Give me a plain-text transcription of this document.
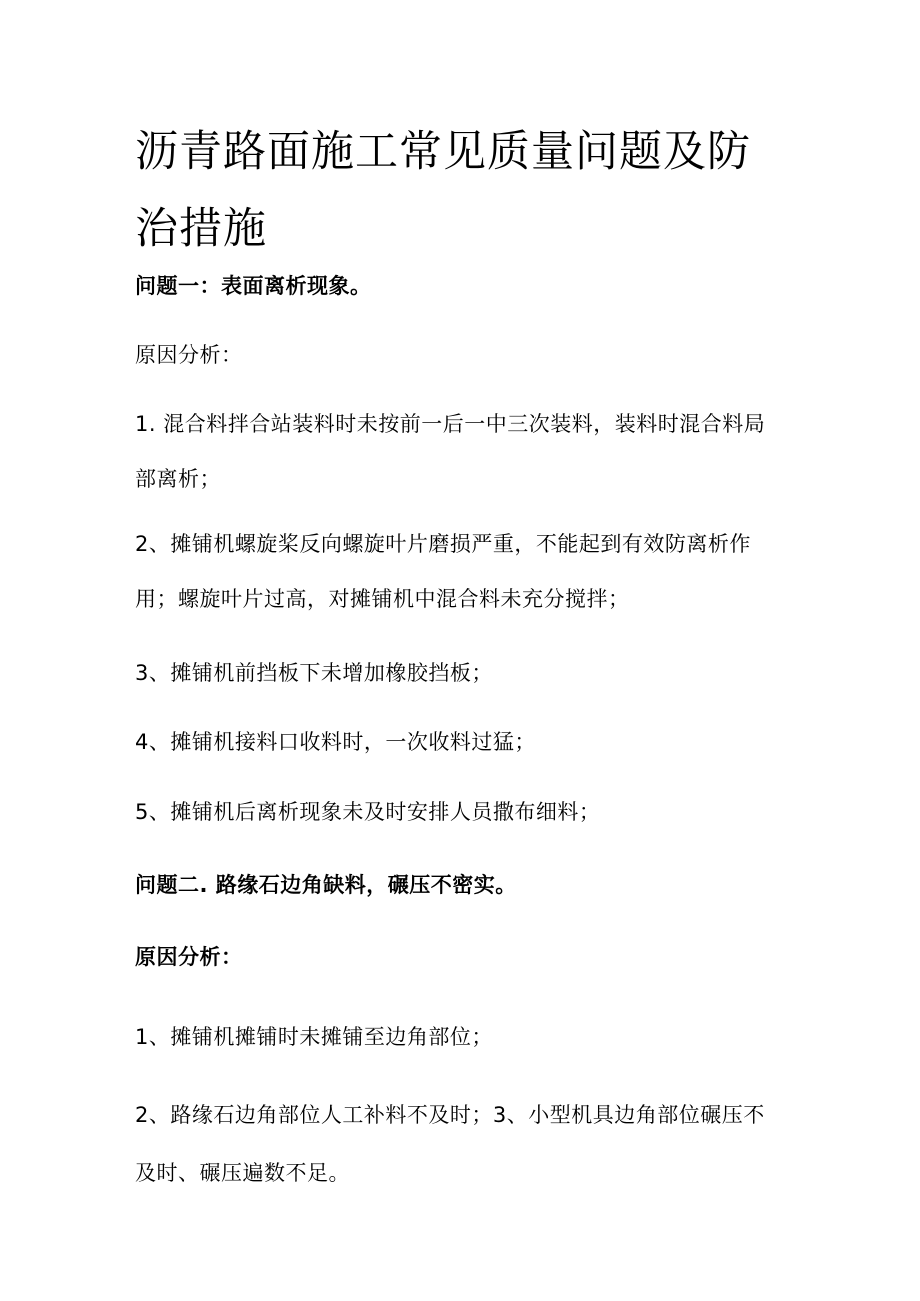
沥青路面施工常见质量问题及防治措施

问题一：表面离析现象。

原因分析：

1. 混合料拌合站装料时未按前一后一中三次装料，装料时混合料局部离析；

2、摊铺机螺旋桨反向螺旋叶片磨损严重，不能起到有效防离析作用；螺旋叶片过高，对摊铺机中混合料未充分搅拌；

3、摊铺机前挡板下未增加橡胶挡板；

4、摊铺机接料口收料时，一次收料过猛；

5、摊铺机后离析现象未及时安排人员撒布细料；

问题二. 路缘石边角缺料，碾压不密实。

原因分析：

1、摊铺机摊铺时未摊铺至边角部位；

2、路缘石边角部位人工补料不及时；3、小型机具边角部位碾压不及时、碾压遍数不足。
